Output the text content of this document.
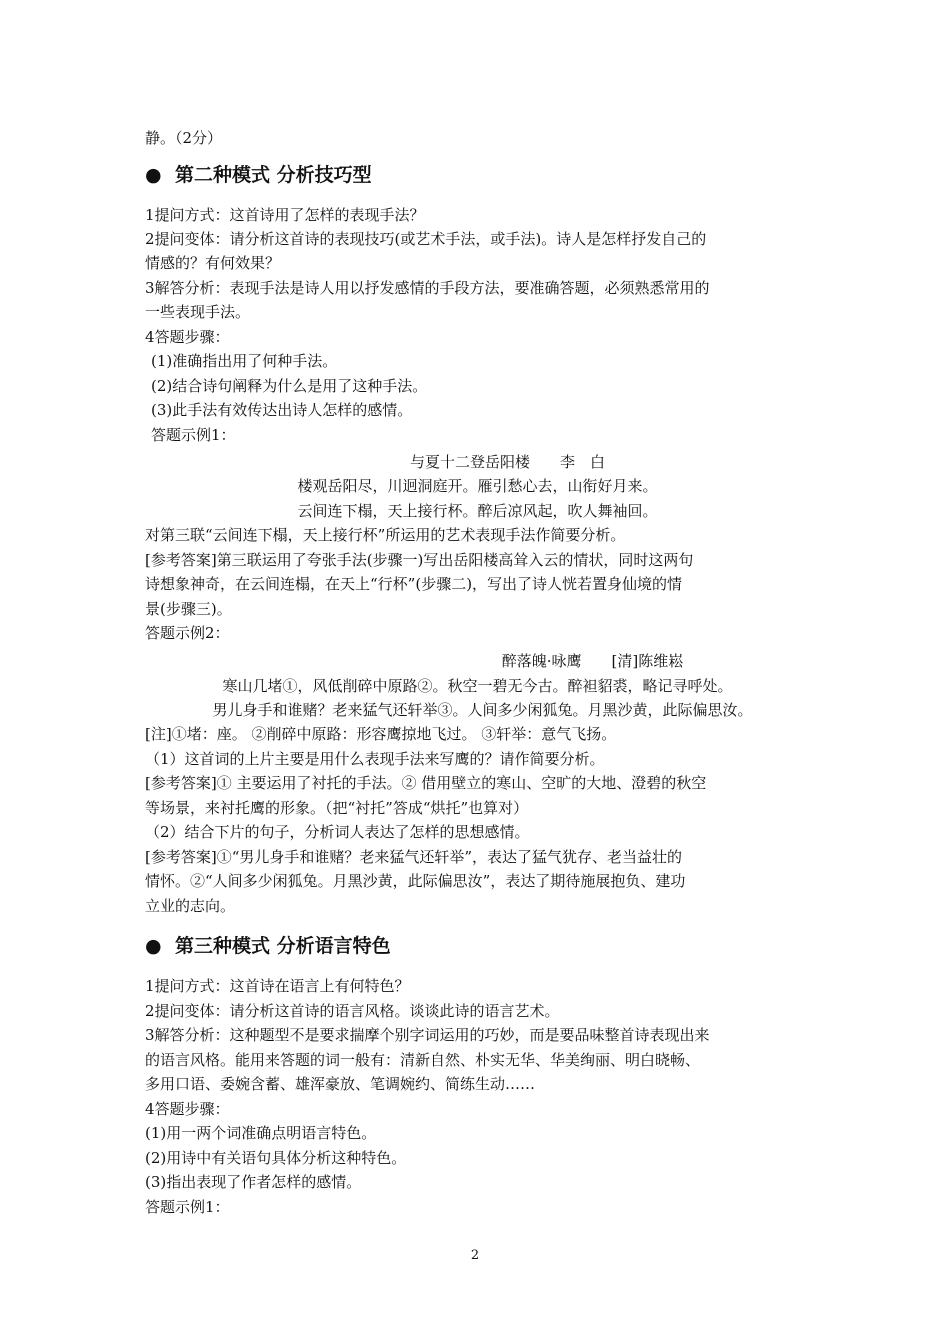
静。（2分）
● 第二种模式 分析技巧型
1提问方式：这首诗用了怎样的表现手法？
2提问变体：请分析这首诗的表现技巧(或艺术手法，或手法)。诗人是怎样抒发自己的
情感的？有何效果？
3解答分析：表现手法是诗人用以抒发感情的手段方法，要准确答题，必须熟悉常用的
一些表现手法。
4答题步骤：
(1)准确指出用了何种手法。
(2)结合诗句阐释为什么是用了这种手法。
(3)此手法有效传达出诗人怎样的感情。
答题示例1：
与夏十二登岳阳楼　　李　白
楼观岳阳尽，川迥洞庭开。雁引愁心去，山衔好月来。
云间连下榻，天上接行杯。醉后凉风起，吹人舞袖回。
对第三联“云间连下榻，天上接行杯”所运用的艺术表现手法作简要分析。
[参考答案]第三联运用了夸张手法(步骤一)写出岳阳楼高耸入云的情状，同时这两句
诗想象神奇，在云间连榻，在天上“行杯”(步骤二)，写出了诗人恍若置身仙境的情
景(步骤三)。
答题示例2：
醉落魄·咏鹰　　[清]陈维崧
寒山几堵①，风低削碎中原路②。秋空一碧无今古。醉袒貂裘，略记寻呼处。
男儿身手和谁赌？老来猛气还轩举③。人间多少闲狐兔。月黑沙黄，此际偏思汝。
[注]①堵：座。 ②削碎中原路：形容鹰掠地飞过。 ③轩举：意气飞扬。
（1）这首词的上片主要是用什么表现手法来写鹰的？请作简要分析。
[参考答案]① 主要运用了衬托的手法。② 借用壁立的寒山、空旷的大地、澄碧的秋空
等场景，来衬托鹰的形象。（把“衬托”答成“烘托”也算对）
（2）结合下片的句子，分析词人表达了怎样的思想感情。
[参考答案]①“男儿身手和谁赌？老来猛气还轩举”，表达了猛气犹存、老当益壮的
情怀。②“人间多少闲狐兔。月黑沙黄，此际偏思汝”，表达了期待施展抱负、建功
立业的志向。
● 第三种模式 分析语言特色
1提问方式：这首诗在语言上有何特色？
2提问变体：请分析这首诗的语言风格。谈谈此诗的语言艺术。
3解答分析：这种题型不是要求揣摩个别字词运用的巧妙，而是要品味整首诗表现出来
的语言风格。能用来答题的词一般有：清新自然、朴实无华、华美绚丽、明白晓畅、
多用口语、委婉含蓄、雄浑豪放、笔调婉约、简练生动……
4答题步骤：
(1)用一两个词准确点明语言特色。
(2)用诗中有关语句具体分析这种特色。
(3)指出表现了作者怎样的感情。
答题示例1：
2
